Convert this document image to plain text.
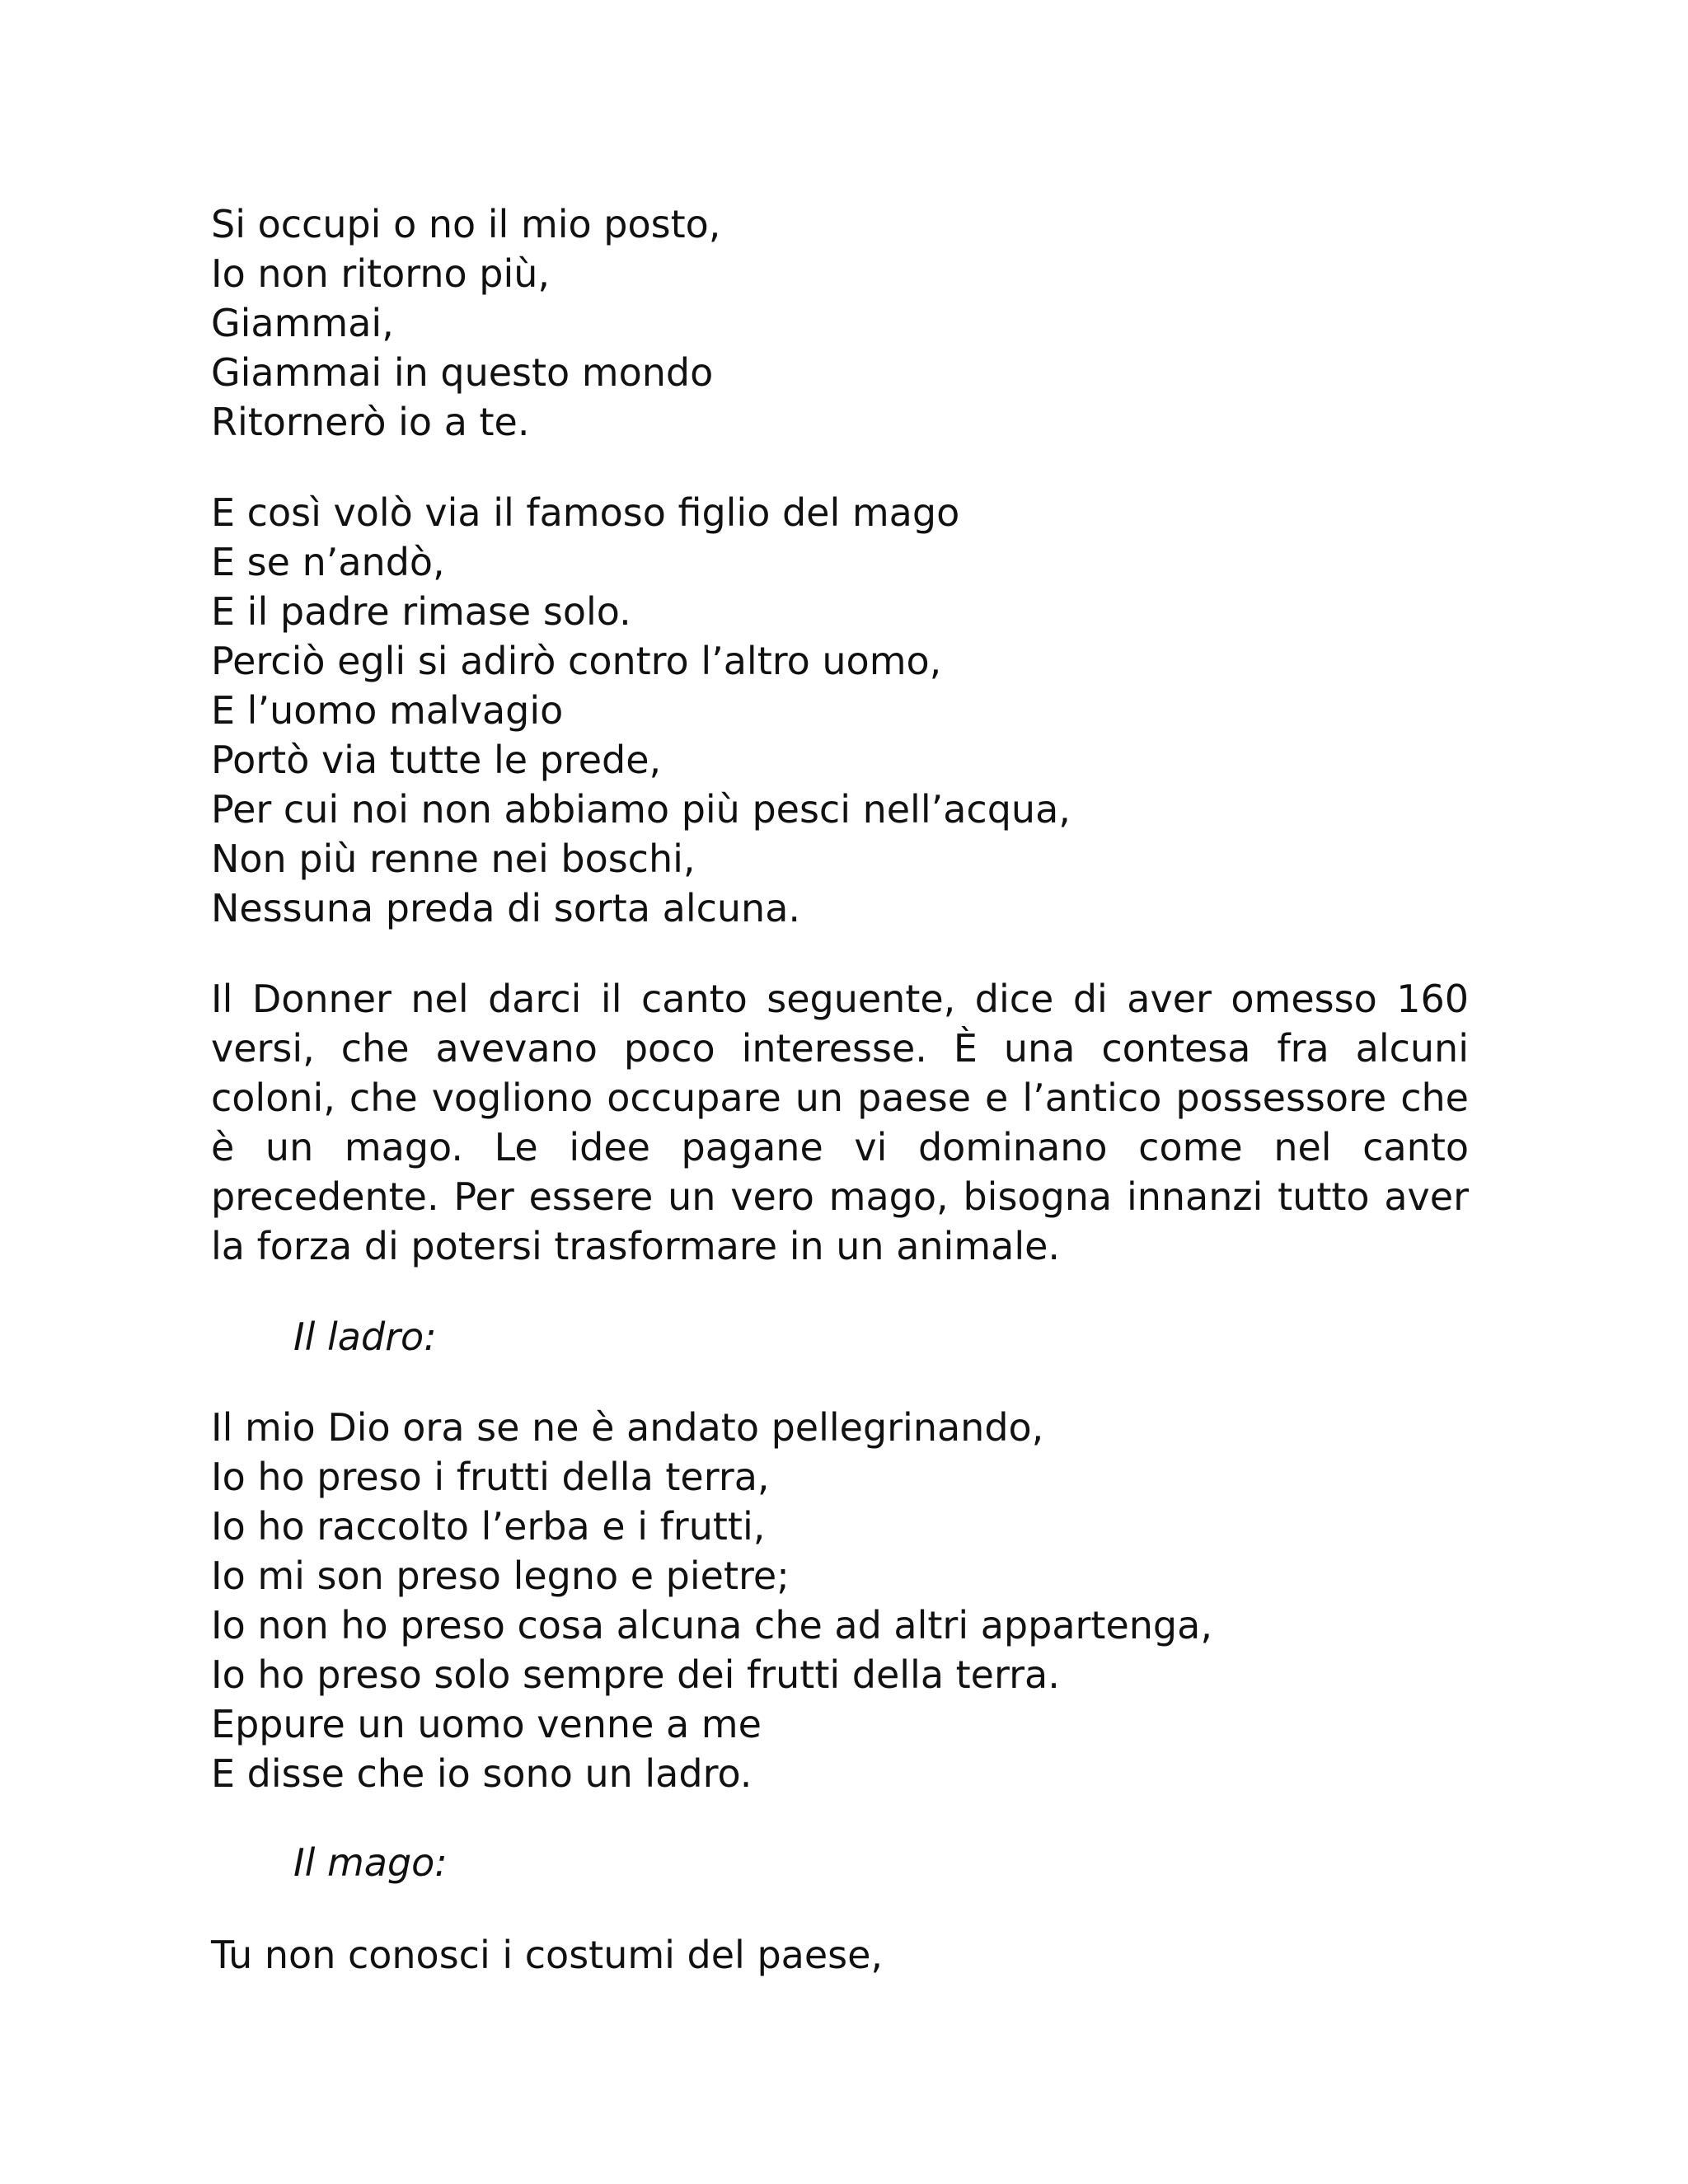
Si occupi o no il mio posto,
Io non ritorno più,
Giammai,
Giammai in questo mondo
Ritornerò io a te.
E così volò via il famoso figlio del mago
E se n’andò,
E il padre rimase solo.
Perciò egli si adirò contro l’altro uomo,
E l’uomo malvagio
Portò via tutte le prede,
Per cui noi non abbiamo più pesci nell’acqua,
Non più renne nei boschi,
Nessuna preda di sorta alcuna.

Il Donner nel darci il canto seguente, dice di aver omesso 160 versi, che avevano poco interesse. È una contesa fra alcuni coloni, che vogliono occupare un paese e l’antico possessore che è un mago. Le idee pagane vi dominano come nel canto precedente. Per essere un vero mago, bisogna innanzi tutto aver la forza di potersi trasformare in un animale.

Il ladro:

Il mio Dio ora se ne è andato pellegrinando,
Io ho preso i frutti della terra,
Io ho raccolto l’erba e i frutti,
Io mi son preso legno e pietre;
Io non ho preso cosa alcuna che ad altri appartenga,
Io ho preso solo sempre dei frutti della terra.
Eppure un uomo venne a me
E disse che io sono un ladro.

Il mago:

Tu non conosci i costumi del paese,
